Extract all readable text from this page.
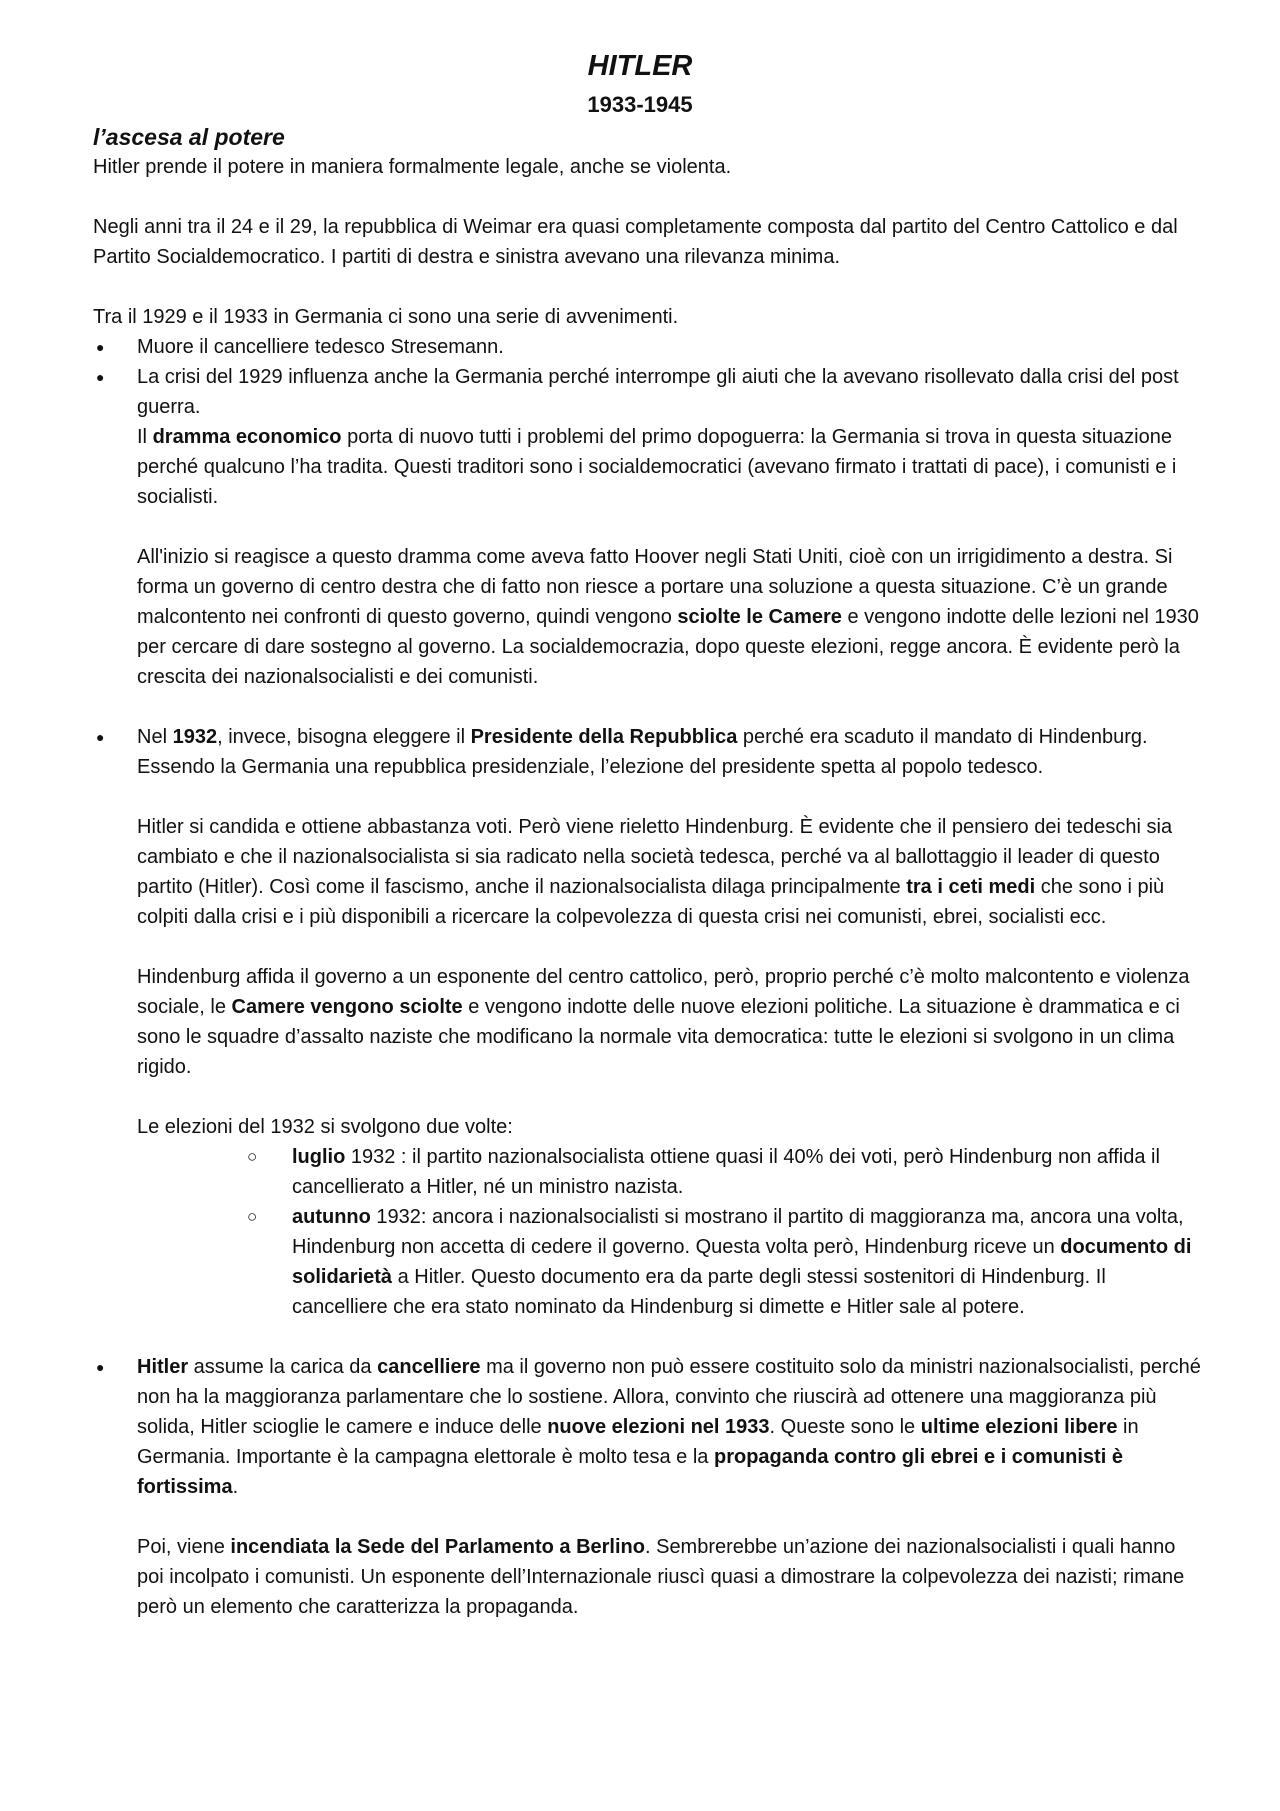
HITLER
1933-1945

l’ascesa al potere

Hitler prende il potere in maniera formalmente legale, anche se violenta.

Negli anni tra il 24 e il 29, la repubblica di Weimar era quasi completamente composta dal partito del Centro Cattolico e dal Partito Socialdemocratico. I partiti di destra e sinistra avevano una rilevanza minima.

Tra il 1929 e il 1933 in Germania ci sono una serie di avvenimenti.

● Muore il cancelliere tedesco Stresemann.

● La crisi del 1929 influenza anche la Germania perché interrompe gli aiuti che la avevano risollevato dalla crisi del post guerra.

Il dramma economico porta di nuovo tutti i problemi del primo dopoguerra: la Germania si trova in questa situazione perché qualcuno l’ha tradita. Questi traditori sono i socialdemocratici (avevano firmato i trattati di pace), i comunisti e i socialisti.

All'inizio si reagisce a questo dramma come aveva fatto Hoover negli Stati Uniti, cioè con un irrigidimento a destra. Si forma un governo di centro destra che di fatto non riesce a portare una soluzione a questa situazione. C’è un grande malcontento nei confronti di questo governo, quindi vengono sciolte le Camere e vengono indotte delle lezioni nel 1930 per cercare di dare sostegno al governo. La socialdemocrazia, dopo queste elezioni, regge ancora. È evidente però la crescita dei nazionalsocialisti e dei comunisti.

● Nel 1932, invece, bisogna eleggere il Presidente della Repubblica perché era scaduto il mandato di Hindenburg. Essendo la Germania una repubblica presidenziale, l’elezione del presidente spetta al popolo tedesco.

Hitler si candida e ottiene abbastanza voti. Però viene rieletto Hindenburg. È evidente che il pensiero dei tedeschi sia cambiato e che il nazionalsocialista si sia radicato nella società tedesca, perché va al ballottaggio il leader di questo partito (Hitler). Così come il fascismo, anche il nazionalsocialista dilaga principalmente tra i ceti medi che sono i più colpiti dalla crisi e i più disponibili a ricercare la colpevolezza di questa crisi nei comunisti, ebrei, socialisti ecc.

Hindenburg affida il governo a un esponente del centro cattolico, però, proprio perché c’è molto malcontento e violenza sociale, le Camere vengono sciolte e vengono indotte delle nuove elezioni politiche. La situazione è drammatica e ci sono le squadre d’assalto naziste che modificano la normale vita democratica: tutte le elezioni si svolgono in un clima rigido.

Le elezioni del 1932 si svolgono due volte:

○ luglio 1932 : il partito nazionalsocialista ottiene quasi il 40% dei voti, però Hindenburg non affida il cancellierato a Hitler, né un ministro nazista.
○ autunno 1932: ancora i nazionalsocialisti si mostrano il partito di maggioranza ma, ancora una volta, Hindenburg non accetta di cedere il governo. Questa volta però, Hindenburg riceve un documento di solidarietà a Hitler. Questo documento era da parte degli stessi sostenitori di Hindenburg. Il cancelliere che era stato nominato da Hindenburg si dimette e Hitler sale al potere.

● Hitler assume la carica da cancelliere ma il governo non può essere costituito solo da ministri nazionalsocialisti, perché non ha la maggioranza parlamentare che lo sostiene. Allora, convinto che riuscirà ad ottenere una maggioranza più solida, Hitler scioglie le camere e induce delle nuove elezioni nel 1933. Queste sono le ultime elezioni libere in Germania. Importante è la campagna elettorale è molto tesa e la propaganda contro gli ebrei e i comunisti è fortissima.

Poi, viene incendiata la Sede del Parlamento a Berlino. Sembrerebbe un’azione dei nazionalsocialisti i quali hanno poi incolpato i comunisti. Un esponente dell’Internazionale riuscì quasi a dimostrare la colpevolezza dei nazisti; rimane però un elemento che caratterizza la propaganda.
